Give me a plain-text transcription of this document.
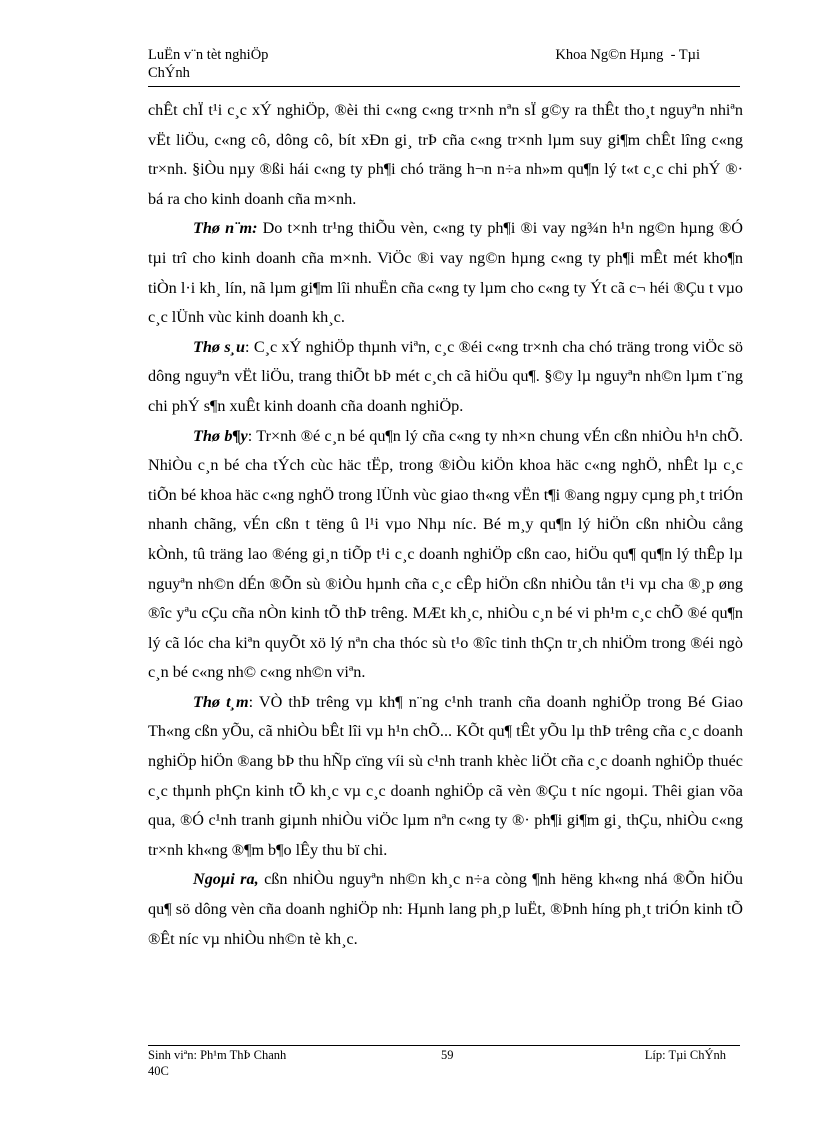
LuËn v¨n tèt nghiÖp
ChÝnh
Khoa Ng©n Hµng  - Tµi

chÊt chÏ t¹i c¸c xÝ nghiÖp, ®èi thi c«ng c«ng tr×nh nªn sÏ g©y ra thÊt tho¸t nguyªn nhiªn vËt liÖu, c«ng cô, dông cô, bít xÐn gi¸ trÞ cña c«ng tr×nh lµm suy gi¶m chÊt lîng c«ng tr×nh. §iÒu nµy ®ßi hái c«ng ty ph¶i chó träng h¬n n÷a nh»m qu¶n lý t«t c¸c chi phÝ ®· bá ra cho kinh doanh cña m×nh.

Thø n¨m: Do t×nh tr¹ng thiÕu vèn, c«ng ty ph¶i ®i vay ng¾n h¹n ng©n hµng ®Ó tµi trî cho kinh doanh cña m×nh. ViÖc ®i vay ng©n hµng c«ng ty ph¶i mÊt mét kho¶n tiÒn l·i kh¸ lín, nã lµm gi¶m lîi nhuËn cña c«ng ty lµm cho c«ng ty Ýt cã c¬ héi ®Çu t vµo c¸c lÜnh vùc kinh doanh kh¸c.

Thø s¸u: C¸c xÝ nghiÖp thµnh viªn, c¸c ®éi c«ng tr×nh cha chó träng trong viÖc sö dông nguyªn vËt liÖu, trang thiÕt bÞ mét c¸ch cã hiÖu qu¶. §©y lµ nguyªn nh©n lµm t¨ng chi phÝ s¶n xuÊt kinh doanh cña doanh nghiÖp.

Thø b¶y: Tr×nh ®é c¸n bé qu¶n lý cña c«ng ty nh×n chung vÉn cßn nhiÒu h¹n chÕ. NhiÒu c¸n bé cha tÝch cùc häc tËp, trong ®iÒu kiÖn khoa häc c«ng nghÖ, nhÊt lµ c¸c tiÕn bé khoa häc c«ng nghÖ trong lÜnh vùc giao th«ng vËn t¶i ®ang ngµy cµng ph¸t triÓn nhanh chãng, vÉn cßn t tëng û l¹i vµo Nhµ níc. Bé m¸y qu¶n lý hiÖn cßn nhiÒu cång kÒnh, tû träng lao ®éng gi¸n tiÕp t¹i c¸c doanh nghiÖp cßn cao, hiÖu qu¶ qu¶n lý thÊp lµ nguyªn nh©n dÉn ®Õn sù ®iÒu hµnh cña c¸c cÊp hiÖn cßn nhiÒu tån t¹i vµ cha ®¸p øng ®îc yªu cÇu cña nÒn kinh tÕ thÞ trêng. MÆt kh¸c, nhiÒu c¸n bé vi ph¹m c¸c chÕ ®é qu¶n lý cã lóc cha kiªn quyÕt xö lý nªn cha thóc sù t¹o ®îc tinh thÇn tr¸ch nhiÖm trong ®éi ngò c¸n bé c«ng nh© c«ng nh©n viªn.

Thø t¸m: VÒ thÞ trêng vµ kh¶ n¨ng c¹nh tranh cña doanh nghiÖp trong Bé Giao Th«ng cßn yÕu, cã nhiÒu bÊt lîi vµ h¹n chÕ... KÕt qu¶ tÊt yÕu lµ thÞ trêng cña c¸c doanh nghiÖp hiÖn ®ang bÞ thu hÑp cïng víi sù c¹nh tranh khèc liÖt cña c¸c doanh nghiÖp thuéc c¸c thµnh phÇn kinh tÕ kh¸c vµ c¸c doanh nghiÖp cã vèn ®Çu t níc ngoµi. Thêi gian võa qua, ®Ó c¹nh tranh giµnh nhiÒu viÖc lµm nªn c«ng ty ®· ph¶i gi¶m gi¸ thÇu, nhiÒu c«ng tr×nh kh«ng ®¶m b¶o lÊy thu bï chi.

Ngoµi ra, cßn nhiÒu nguyªn nh©n kh¸c n÷a còng ¶nh hëng kh«ng nhá ®Õn hiÖu qu¶ sö dông vèn cña doanh nghiÖp nh: Hµnh lang ph¸p luËt, ®Þnh híng ph¸t triÓn kinh tÕ ®Êt níc vµ nhiÒu nh©n tè kh¸c.

Sinh viªn: Ph¹m ThÞ Chanh
40C
59	Líp: Tµi ChÝnh
